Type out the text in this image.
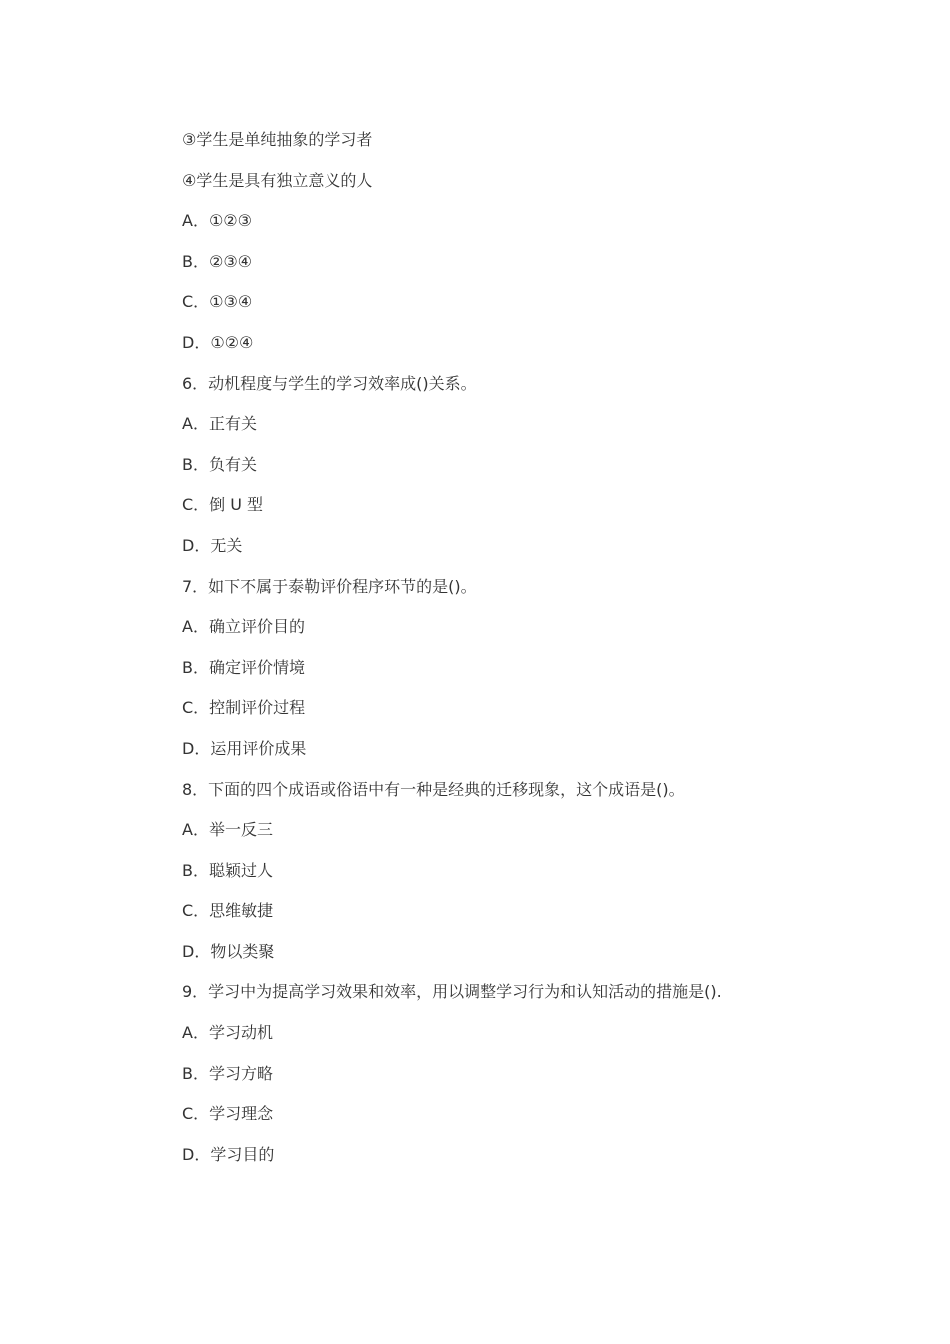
③学生是单纯抽象的学习者
④学生是具有独立意义的人
A．①②③
B．②③④
C．①③④
D．①②④
6．动机程度与学生的学习效率成()关系。
A．正有关
B．负有关
C．倒 U 型
D．无关
7．如下不属于泰勒评价程序环节的是()。
A．确立评价目的
B．确定评价情境
C．控制评价过程
D．运用评价成果
8．下面的四个成语或俗语中有一种是经典的迁移现象，这个成语是()。
A．举一反三
B．聪颖过人
C．思维敏捷
D．物以类聚
9．学习中为提高学习效果和效率，用以调整学习行为和认知活动的措施是().
A．学习动机
B．学习方略
C．学习理念
D．学习目的
